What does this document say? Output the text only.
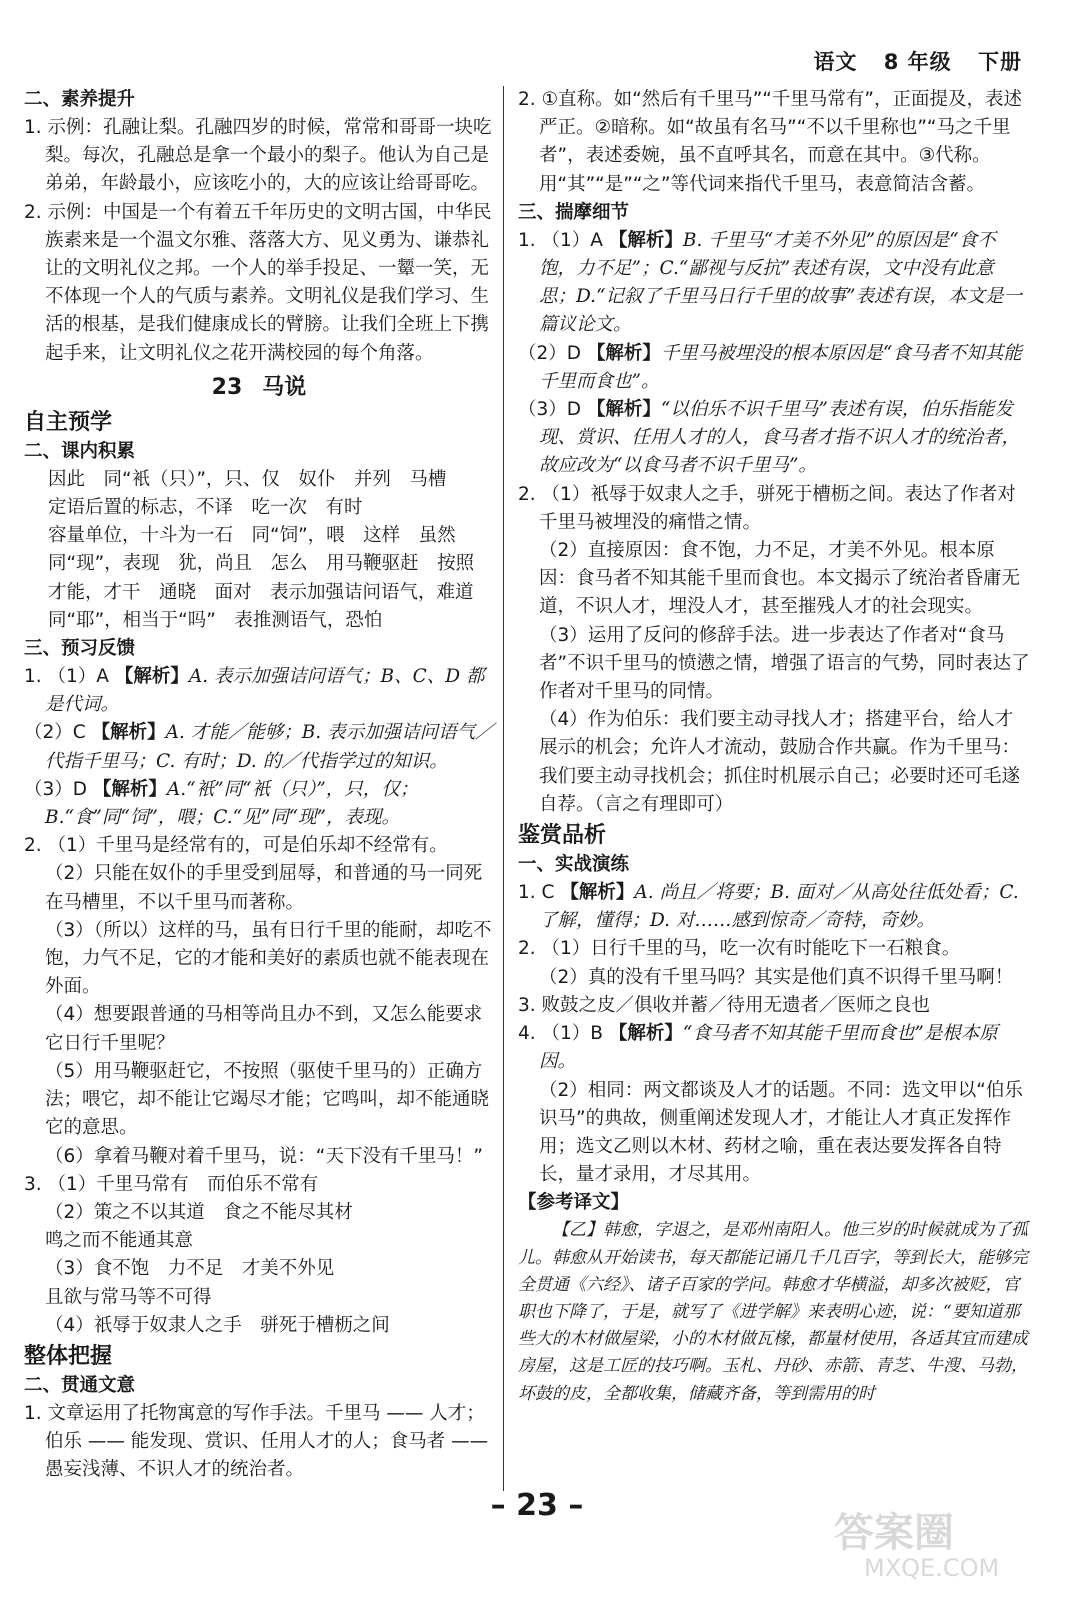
语文 8 年级 下册
二、素养提升

1. 示例：孔融让梨。孔融四岁的时候，常常和哥哥一块吃梨。每次，孔融总是拿一个最小的梨子。他认为自己是弟弟，年龄最小，应该吃小的，大的应该让给哥哥吃。

2. 示例：中国是一个有着五千年历史的文明古国，中华民族素来是一个温文尔雅、落落大方、见义勇为、谦恭礼让的文明礼仪之邦。一个人的举手投足、一颦一笑，无不体现一个人的气质与素养。文明礼仪是我们学习、生活的根基，是我们健康成长的臂膀。让我们全班上下携起手来，让文明礼仪之花开满校园的每个角落。

23 马说
自主预学
二、课内积累

因此　同“衹（只）”，只、仅　奴仆　并列　马槽

定语后置的标志，不译　吃一次　有时

容量单位，十斗为一石　同“饲”，喂　这样　虽然

同“现”，表现　犹，尚且　怎么　用马鞭驱赶　按照

才能，才干　通晓　面对　表示加强诘问语气，难道

同“耶”，相当于“吗”　表推测语气，恐怕

三、预习反馈

1. （1）A 【解析】A. 表示加强诘问语气；B、C、D 都是代词。

（2）C 【解析】A. 才能／能够；B. 表示加强诘问语气／代指千里马；C. 有时；D. 的／代指学过的知识。

（3）D 【解析】A.“衹”同“衹（只）”，只，仅；B.“食”同“饲”，喂；C.“见”同“现”，表现。

2. （1）千里马是经常有的，可是伯乐却不经常有。

（2）只能在奴仆的手里受到屈辱，和普通的马一同死在马槽里，不以千里马而著称。

（3）（所以）这样的马，虽有日行千里的能耐，却吃不饱，力气不足，它的才能和美好的素质也就不能表现在外面。

（4）想要跟普通的马相等尚且办不到，又怎么能要求它日行千里呢？

（5）用马鞭驱赶它，不按照（驱使千里马的）正确方法；喂它，却不能让它竭尽才能；它鸣叫，却不能通晓它的意思。

（6）拿着马鞭对着千里马，说：“天下没有千里马！”

3. （1）千里马常有　而伯乐不常有

（2）策之不以其道　食之不能尽其材

鸣之而不能通其意

（3）食不饱　力不足　才美不外见

且欲与常马等不可得

（4）祇辱于奴隶人之手　骈死于槽枥之间

整体把握
二、贯通文意

1. 文章运用了托物寓意的写作手法。千里马 —— 人才；伯乐 —— 能发现、赏识、任用人才的人；食马者 —— 愚妄浅薄、不识人才的统治者。

2. ①直称。如“然后有千里马”“千里马常有”，正面提及，表述严正。②暗称。如“故虽有名马”“不以千里称也”“马之千里者”，表述委婉，虽不直呼其名，而意在其中。③代称。用“其”“是”“之”等代词来指代千里马，表意简洁含蓄。

三、揣摩细节

1. （1）A 【解析】B. 千里马“才美不外见”的原因是“食不饱，力不足”；C.“鄙视与反抗”表述有误，文中没有此意思；D.“记叙了千里马日行千里的故事”表述有误，本文是一篇议论文。

（2）D 【解析】千里马被埋没的根本原因是“食马者不知其能千里而食也”。

（3）D 【解析】“以伯乐不识千里马”表述有误，伯乐指能发现、赏识、任用人才的人，食马者才指不识人才的统治者，故应改为“以食马者不识千里马”。

2. （1）衹辱于奴隶人之手，骈死于槽枥之间。表达了作者对千里马被埋没的痛惜之情。

（2）直接原因：食不饱，力不足，才美不外见。根本原因：食马者不知其能千里而食也。本文揭示了统治者昏庸无道，不识人才，埋没人才，甚至摧残人才的社会现实。

（3）运用了反问的修辞手法。进一步表达了作者对“食马者”不识千里马的愤懑之情，增强了语言的气势，同时表达了作者对千里马的同情。

（4）作为伯乐：我们要主动寻找人才；搭建平台，给人才展示的机会；允许人才流动，鼓励合作共赢。作为千里马：我们要主动寻找机会；抓住时机展示自己；必要时还可毛遂自荐。（言之有理即可）

鉴赏品析
一、实战演练

1. C 【解析】A. 尚且／将要；B. 面对／从高处往低处看；C. 了解，懂得；D. 对……感到惊奇／奇特，奇妙。

2. （1）日行千里的马，吃一次有时能吃下一石粮食。

（2）真的没有千里马吗？其实是他们真不识得千里马啊！

3. 败鼓之皮／俱收并蓄／待用无遗者／医师之良也

4. （1）B 【解析】“食马者不知其能千里而食也”是根本原因。

（2）相同：两文都谈及人才的话题。不同：选文甲以“伯乐识马”的典故，侧重阐述发现人才，才能让人才真正发挥作用；选文乙则以木材、药材之喻，重在表达要发挥各自特长，量才录用，才尽其用。

【参考译文】

【乙】韩愈，字退之，是邓州南阳人。他三岁的时候就成为了孤儿。韩愈从开始读书，每天都能记诵几千几百字，等到长大，能够完全贯通《六经》、诸子百家的学问。韩愈才华横溢，却多次被贬，官职也下降了，于是，就写了《进学解》来表明心迹，说：“要知道那些大的木材做屋梁，小的木材做瓦椽，都量材使用，各适其宜而建成房屋，这是工匠的技巧啊。玉札、丹砂、赤箭、青芝、牛溲、马勃，坏鼓的皮，全都收集，储藏齐备，等到需用的时

– 23 –
答案圈
MXQE.COM
